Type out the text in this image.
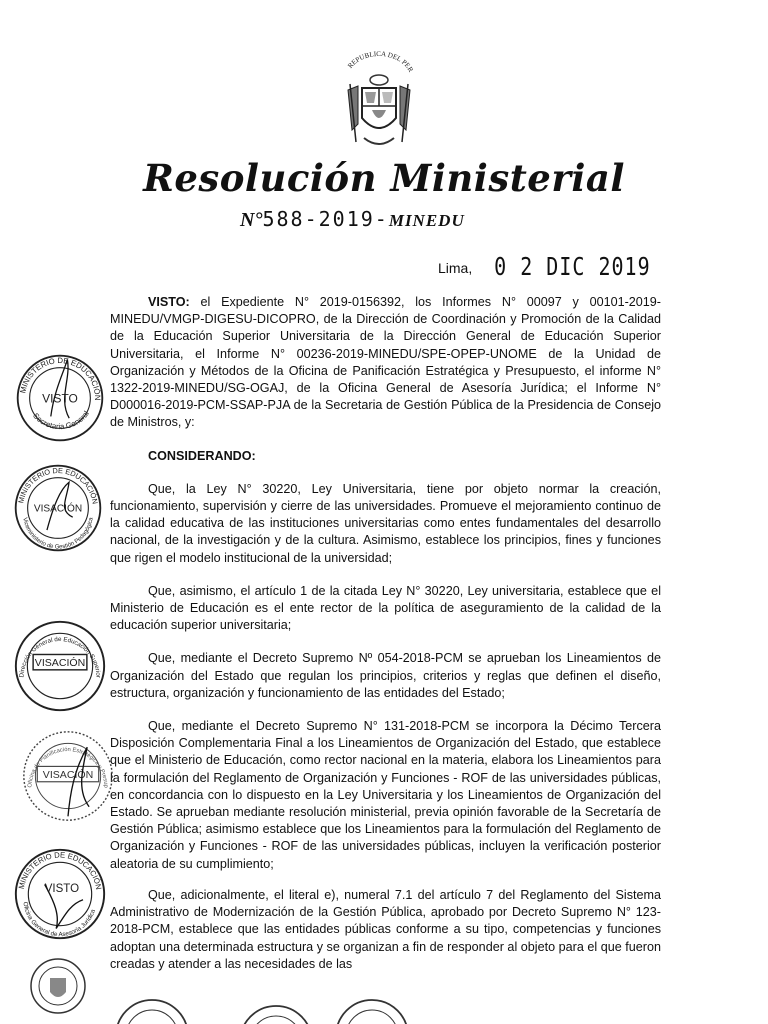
REPUBLICA DEL PER
Resolución Ministerial
N°588-2019-MINEDU
Lima, 0 2 DIC 2019

VISTO: el Expediente N° 2019-0156392, los Informes N° 00097 y 00101-2019-MINEDU/VMGP-DIGESU-DICOPRO, de la Dirección de Coordinación y Promoción de la Calidad de la Educación Superior Universitaria de la Dirección General de Educación Superior Universitaria, el Informe N° 00236-2019-MINEDU/SPE-OPEP-UNOME de la Unidad de Organización y Métodos de la Oficina de Panificación Estratégica y Presupuesto, el informe N° 1322-2019-MINEDU/SG-OGAJ, de la Oficina General de Asesoría Jurídica; el Informe N° D000016-2019-PCM-SSAP-PJA de la Secretaria de Gestión Pública de la Presidencia de Consejo de Ministros, y:

CONSIDERANDO:

Que, la Ley N° 30220, Ley Universitaria, tiene por objeto normar la creación, funcionamiento, supervisión y cierre de las universidades. Promueve el mejoramiento continuo de la calidad educativa de las instituciones universitarias como entes fundamentales del desarrollo nacional, de la investigación y de la cultura. Asimismo, establece los principios, fines y funciones que rigen el modelo institucional de la universidad;

Que, asimismo, el artículo 1 de la citada Ley N° 30220, Ley universitaria, establece que el Ministerio de Educación es el ente rector de la política de aseguramiento de la calidad de la educación superior universitaria;

Que, mediante el Decreto Supremo Nº 054-2018-PCM se aprueban los Lineamientos de Organización del Estado que regulan los principios, criterios y reglas que definen el diseño, estructura, organización y funcionamiento de las entidades del Estado;

Que, mediante el Decreto Supremo N° 131-2018-PCM se incorpora la Décimo Tercera Disposición Complementaria Final a los Lineamientos de Organización del Estado, que establece que el Ministerio de Educación, como rector nacional en la materia, elabora los Lineamientos para la formulación del Reglamento de Organización y Funciones - ROF de las universidades públicas, en concordancia con lo dispuesto en la Ley Universitaria y los Lineamientos de Organización del Estado. Se aprueban mediante resolución ministerial, previa opinión favorable de la Secretaría de Gestión Pública; asimismo establece que los Lineamientos para la formulación del Reglamento de Organización y Funciones - ROF de las universidades públicas, incluyen la verificación posterior aleatoria de su cumplimiento;

Que, adicionalmente, el literal e), numeral 7.1 del artículo 7 del Reglamento del Sistema Administrativo de Modernización de la Gestión Pública, aprobado por Decreto Supremo N° 123-2018-PCM, establece que las entidades públicas conforme a su tipo, competencias y funciones adoptan una determinada estructura y se organizan a fin de responder al objeto para el que fueron creadas y atender a las necesidades de las

MINISTERIO DE EDUCACIÓN
Secretaria General
VISTO
MINISTERIO DE EDUCACIÓN
Viceministerio de Gestión Pedagógica
VISACIÓN
Dirección General de Educación Superior
VISACIÓN
Oficina de Planificación Estratégica y Presup
VISACIÓN
MINISTERIO DE EDUCACIÓN
Oficina General de Asesoría Jurídica
VISTO
